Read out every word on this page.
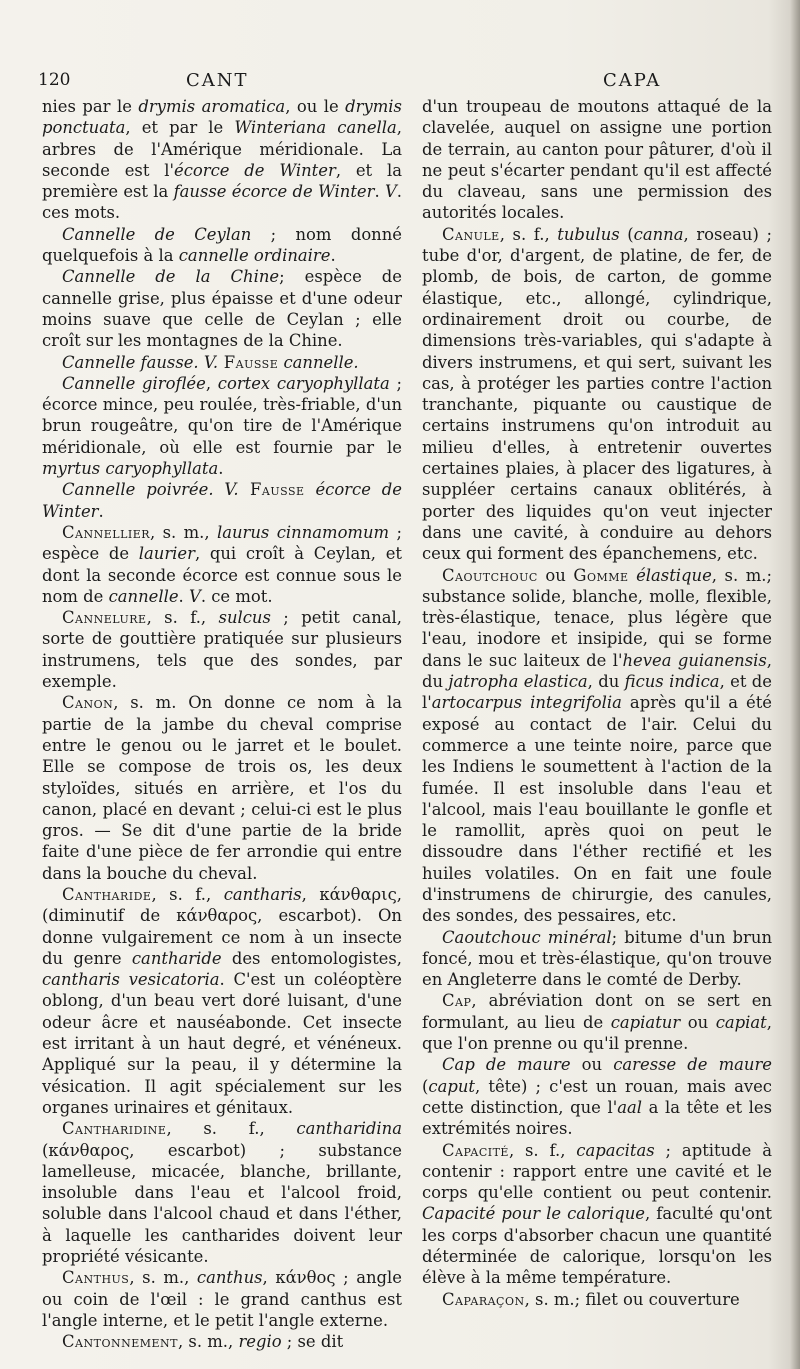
120	CANT	CAPA

nies par le drymis aromatica, ou le drymis ponctuata, et par le Winteriana canella, arbres de l'Amérique méridionale. La seconde est l'écorce de Winter, et la première est la fausse écorce de Winter. V. ces mots.

Cannelle de Ceylan ; nom donné quelquefois à la cannelle ordinaire.

Cannelle de la Chine; espèce de cannelle grise, plus épaisse et d'une odeur moins suave que celle de Ceylan ; elle croît sur les montagnes de la Chine.

Cannelle fausse. V. Fausse cannelle.

Cannelle giroflée, cortex caryophyllata ; écorce mince, peu roulée, très-friable, d'un brun rougeâtre, qu'on tire de l'Amérique méridionale, où elle est fournie par le myrtus caryophyllata.

Cannelle poivrée. V. Fausse écorce de Winter.

Cannellier, s. m., laurus cinnamomum ; espèce de laurier, qui croît à Ceylan, et dont la seconde écorce est connue sous le nom de cannelle. V. ce mot.

Cannelure, s. f., sulcus ; petit canal, sorte de gouttière pratiquée sur plusieurs instrumens, tels que des sondes, par exemple.

Canon, s. m. On donne ce nom à la partie de la jambe du cheval comprise entre le genou ou le jarret et le boulet. Elle se compose de trois os, les deux styloïdes, situés en arrière, et l'os du canon, placé en devant ; celui-ci est le plus gros. — Se dit d'une partie de la bride faite d'une pièce de fer arrondie qui entre dans la bouche du cheval.

Cantharide, s. f., cantharis, κάνθαρις, (diminutif de κάνθαρος, escarbot). On donne vulgairement ce nom à un insecte du genre cantharide des entomologistes, cantharis vesicatoria. C'est un coléoptère oblong, d'un beau vert doré luisant, d'une odeur âcre et nauséabonde. Cet insecte est irritant à un haut degré, et vénéneux. Appliqué sur la peau, il y détermine la vésication. Il agit spécialement sur les organes urinaires et génitaux.

Cantharidine, s. f., cantharidina (κάνθαρος, escarbot) ; substance lamelleuse, micacée, blanche, brillante, insoluble dans l'eau et l'alcool froid, soluble dans l'alcool chaud et dans l'éther, à laquelle les cantharides doivent leur propriété vésicante.

Canthus, s. m., canthus, κάνθος ; angle ou coin de l'œil : le grand canthus est l'angle interne, et le petit l'angle externe.

Cantonnement, s. m., regio ; se dit

d'un troupeau de moutons attaqué de la clavelée, auquel on assigne une portion de terrain, au canton pour pâturer, d'où il ne peut s'écarter pendant qu'il est affecté du claveau, sans une permission des autorités locales.

Canule, s. f., tubulus (canna, roseau) ; tube d'or, d'argent, de platine, de fer, de plomb, de bois, de carton, de gomme élastique, etc., allongé, cylindrique, ordinairement droit ou courbe, de dimensions très-variables, qui s'adapte à divers instrumens, et qui sert, suivant les cas, à protéger les parties contre l'action tranchante, piquante ou caustique de certains instrumens qu'on introduit au milieu d'elles, à entretenir ouvertes certaines plaies, à placer des ligatures, à suppléer certains canaux oblitérés, à porter des liquides qu'on veut injecter dans une cavité, à conduire au dehors ceux qui forment des épanchemens, etc.

Caoutchouc ou Gomme élastique, s. m.; substance solide, blanche, molle, flexible, très-élastique, tenace, plus légère que l'eau, inodore et insipide, qui se forme dans le suc laiteux de l'hevea guianensis, du jatropha elastica, du ficus indica, et de l'artocarpus integrifolia après qu'il a été exposé au contact de l'air. Celui du commerce a une teinte noire, parce que les Indiens le soumettent à l'action de la fumée. Il est insoluble dans l'eau et l'alcool, mais l'eau bouillante le gonfle et le ramollit, après quoi on peut le dissoudre dans l'éther rectifié et les huiles volatiles. On en fait une foule d'instrumens de chirurgie, des canules, des sondes, des pessaires, etc.

Caoutchouc minéral; bitume d'un brun foncé, mou et très-élastique, qu'on trouve en Angleterre dans le comté de Derby.

Cap, abréviation dont on se sert en formulant, au lieu de capiatur ou capiat, que l'on prenne ou qu'il prenne.

Cap de maure ou caresse de maure (caput, tête) ; c'est un rouan, mais avec cette distinction, que l'aal a la tête et les extrémités noires.

Capacité, s. f., capacitas ; aptitude à contenir : rapport entre une cavité et le corps qu'elle contient ou peut contenir. Capacité pour le calorique, faculté qu'ont les corps d'absorber chacun une quantité déterminée de calorique, lorsqu'on les élève à la même température.

Caparaçon, s. m.; filet ou couverture
